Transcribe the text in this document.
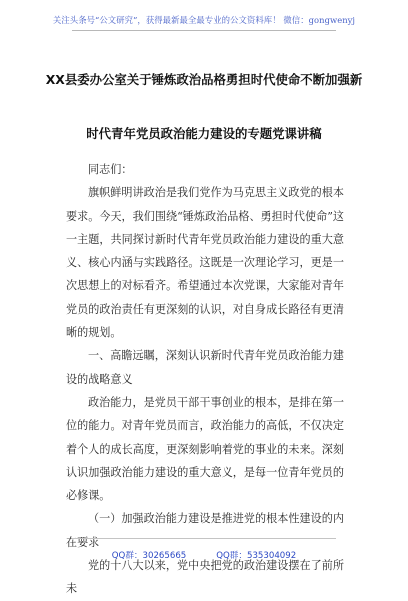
关注头条号“公文研究”，获得最新最全最专业的公文资料库！ 微信：gongwenyj
XX县委办公室关于锤炼政治品格勇担时代使命不断加强新
时代青年党员政治能力建设的专题党课讲稿

同志们：

旗帜鲜明讲政治是我们党作为马克思主义政党的根本要求。今天，我们围绕“锤炼政治品格、勇担时代使命”这一主题，共同探讨新时代青年党员政治能力建设的重大意义、核心内涵与实践路径。这既是一次理论学习，更是一次思想上的对标看齐。希望通过本次党课，大家能对青年党员的政治责任有更深刻的认识，对自身成长路径有更清晰的规划。

一、高瞻远瞩，深刻认识新时代青年党员政治能力建设的战略意义

政治能力，是党员干部干事创业的根本，是排在第一位的能力。对青年党员而言，政治能力的高低，不仅决定着个人的成长高度，更深刻影响着党的事业的未来。深刻认识加强政治能力建设的重大意义，是每一位青年党员的必修课。

（一）加强政治能力建设是推进党的根本性建设的内在要求

党的十八大以来，党中央把党的政治建设摆在了前所未

QQ群：30265665	QQ群：535304092
